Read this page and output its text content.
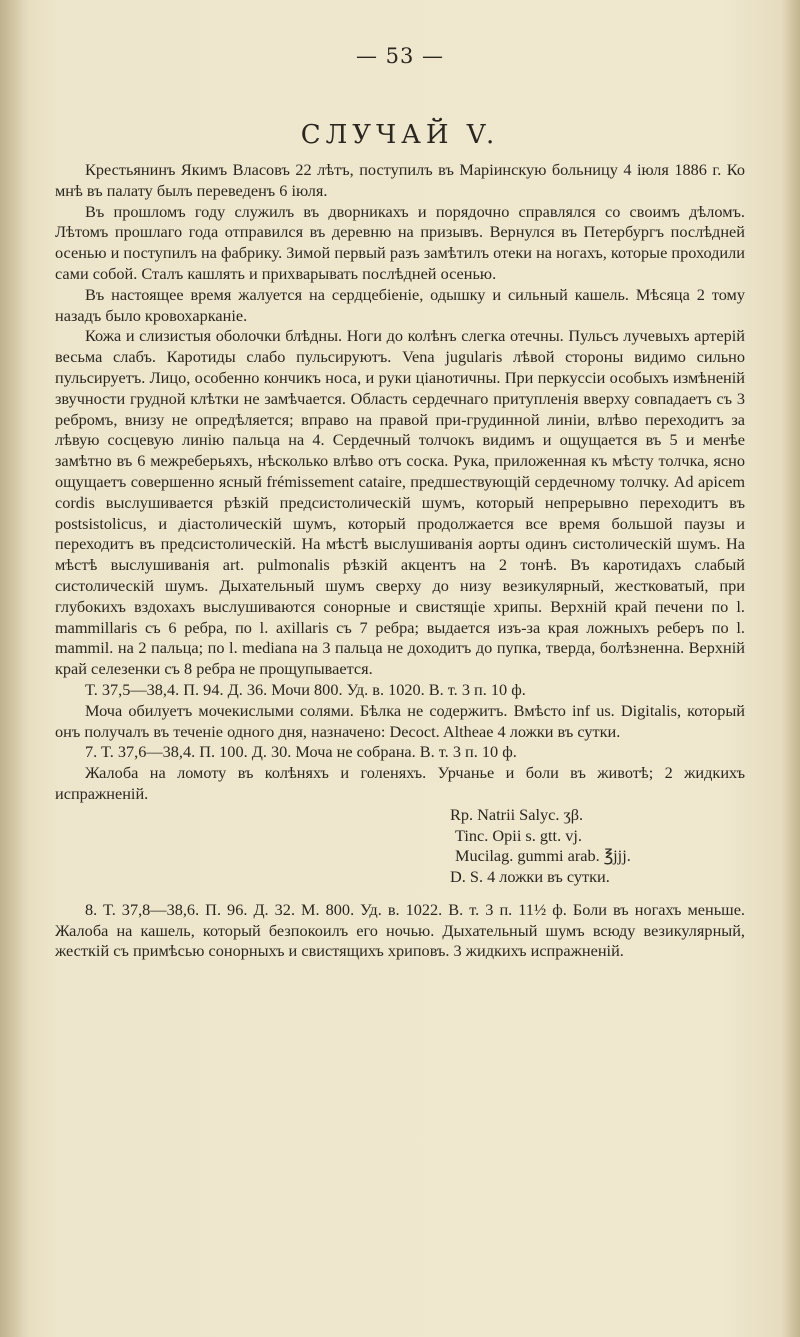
— 53 —
СЛУЧАЙ V.

Крестьянинъ Якимъ Власовъ 22 лѣтъ, поступилъ въ Маріинскую больницу 4 іюля 1886 г. Ко мнѣ въ палату былъ переведенъ 6 іюля.

Въ прошломъ году служилъ въ дворникахъ и порядочно справлялся со своимъ дѣломъ. Лѣтомъ прошлаго года отправился въ деревню на призывъ. Вернулся въ Петербургъ послѣдней осенью и поступилъ на фабрику. Зимой первый разъ замѣтилъ отеки на ногахъ, которые проходили сами собой. Сталъ кашлять и прихварывать послѣдней осенью.

Въ настоящее время жалуется на сердцебіеніе, одышку и сильный кашель. Мѣсяца 2 тому назадъ было кровохарканіе.

Кожа и слизистыя оболочки блѣдны. Ноги до колѣнъ слегка отечны. Пульсъ лучевыхъ артерій весьма слабъ. Каротиды слабо пульсируютъ. Vena jugularis лѣвой стороны видимо сильно пульсируетъ. Лицо, особенно кончикъ носа, и руки ціанотичны. При перкуссіи особыхъ измѣненій звучности грудной клѣтки не замѣчается. Область сердечнаго притупленія вверху совпадаетъ съ 3 ребромъ, внизу не опредѣляется; вправо на правой при-грудинной линіи, влѣво переходитъ за лѣвую сосцевую линію пальца на 4. Сердечный толчокъ видимъ и ощущается въ 5 и менѣе замѣтно въ 6 межреберьяхъ, нѣсколько влѣво отъ соска. Рука, приложенная къ мѣсту толчка, ясно ощущаетъ совершенно ясный frémissement cataire, предшествующій сердечному толчку. Ad apicem cordis выслушивается рѣзкій предсистолическій шумъ, который непрерывно переходитъ въ postsistolicus, и діастолическій шумъ, который продолжается все время большой паузы и переходитъ въ предсистолическій. На мѣстѣ выслушиванія аорты одинъ систолическій шумъ. На мѣстѣ выслушиванія art. pulmonalis рѣзкій акцентъ на 2 тонѣ. Въ каротидахъ слабый систолическій шумъ. Дыхательный шумъ сверху до низу везикулярный, жестковатый, при глубокихъ вздохахъ выслушиваются сонорные и свистящіе хрипы. Верхній край печени по l. mammillaris съ 6 ребра, по l. axillaris съ 7 ребра; выдается изъ-за края ложныхъ реберъ по l. mammil. на 2 пальца; по l. mediana на 3 пальца не доходитъ до пупка, тверда, болѣзненна. Верхній край селезенки съ 8 ребра не прощупывается.

T. 37,5—38,4. П. 94. Д. 36. Мочи 800. Уд. в. 1020. В. т. 3 п. 10 ф.

Моча обилуетъ мочекислыми солями. Бѣлка не содержитъ. Вмѣсто inf us. Digitalis, который онъ получалъ въ теченіе одного дня, назначено: Decoct. Althеae 4 ложки въ сутки.

7. T. 37,6—38,4. П. 100. Д. 30. Моча не собрана. В. т. 3 п. 10 ф.

Жалоба на ломоту въ колѣняхъ и голеняхъ. Урчанье и боли въ животѣ; 2 жидкихъ испражненій.

Rp. Natrii Salyc. ʒβ.
Tinc. Opii s. gtt. vj.
Mucilag. gummi arab. ℥jjj.
D. S. 4 ложки въ сутки.

8. T. 37,8—38,6. П. 96. Д. 32. М. 800. Уд. в. 1022. В. т. 3 п. 11½ ф. Боли въ ногахъ меньше. Жалоба на кашель, который безпокоилъ его ночью. Дыхательный шумъ всюду везикулярный, жесткій съ примѣсью сонорныхъ и свистящихъ хриповъ. 3 жидкихъ испражненій.
